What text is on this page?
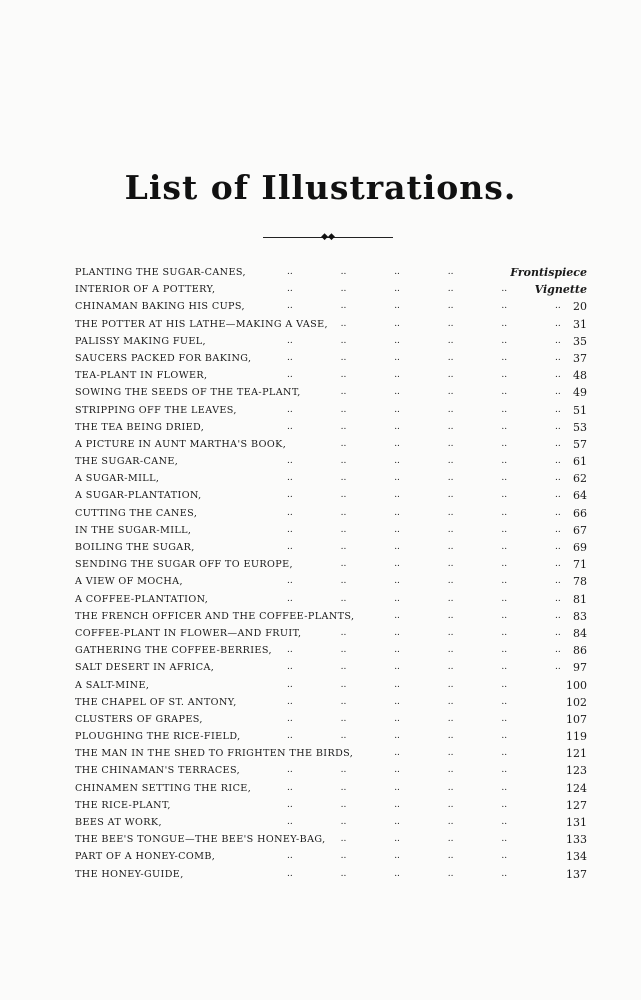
List of Illustrations.
◆◆
..	..	..	..
PLANTING THE SUGAR-CANES,	Frontispiece
..	..	..	..	..
INTERIOR OF A POTTERY,	Vignette
..	..	..	..	..	..
CHINAMAN BAKING HIS CUPS,	20
..	..	..	..	..
THE POTTER AT HIS LATHE—MAKING A VASE,	31
..	..	..	..	..	..
PALISSY MAKING FUEL,	35
..	..	..	..	..	..
SAUCERS PACKED FOR BAKING,	37
..	..	..	..	..	..
TEA-PLANT IN FLOWER,	48
..	..	..	..	..
SOWING THE SEEDS OF THE TEA-PLANT,	49
..	..	..	..	..	..
STRIPPING OFF THE LEAVES,	51
..	..	..	..	..	..
THE TEA BEING DRIED,	53
..	..	..	..	..
A PICTURE IN AUNT MARTHA'S BOOK,	57
..	..	..	..	..	..
THE SUGAR-CANE,	61
..	..	..	..	..	..
A SUGAR-MILL,	62
..	..	..	..	..	..
A SUGAR-PLANTATION,	64
..	..	..	..	..	..
CUTTING THE CANES,	66
..	..	..	..	..	..
IN THE SUGAR-MILL,	67
..	..	..	..	..	..
BOILING THE SUGAR,	69
..	..	..	..	..
SENDING THE SUGAR OFF TO EUROPE,	71
..	..	..	..	..	..
A VIEW OF MOCHA,	78
..	..	..	..	..	..
A COFFEE-PLANTATION,	81
..	..	..	..
THE FRENCH OFFICER AND THE COFFEE-PLANTS,	83
..	..	..	..	..
COFFEE-PLANT IN FLOWER—AND FRUIT,	84
..	..	..	..	..	..
GATHERING THE COFFEE-BERRIES,	86
..	..	..	..	..	..
SALT DESERT IN AFRICA,	97
..	..	..	..	..
A SALT-MINE,	100
..	..	..	..	..
THE CHAPEL OF ST. ANTONY,	102
..	..	..	..	..
CLUSTERS OF GRAPES,	107
..	..	..	..	..
PLOUGHING THE RICE-FIELD,	119
..	..	..
THE MAN IN THE SHED TO FRIGHTEN THE BIRDS,	121
..	..	..	..	..
THE CHINAMAN'S TERRACES,	123
..	..	..	..	..
CHINAMEN SETTING THE RICE,	124
..	..	..	..	..
THE RICE-PLANT,	127
..	..	..	..	..
BEES AT WORK,	131
..	..	..	..
THE BEE'S TONGUE—THE BEE'S HONEY-BAG,	133
..	..	..	..	..
PART OF A HONEY-COMB,	134
..	..	..	..	..
THE HONEY-GUIDE,	137
